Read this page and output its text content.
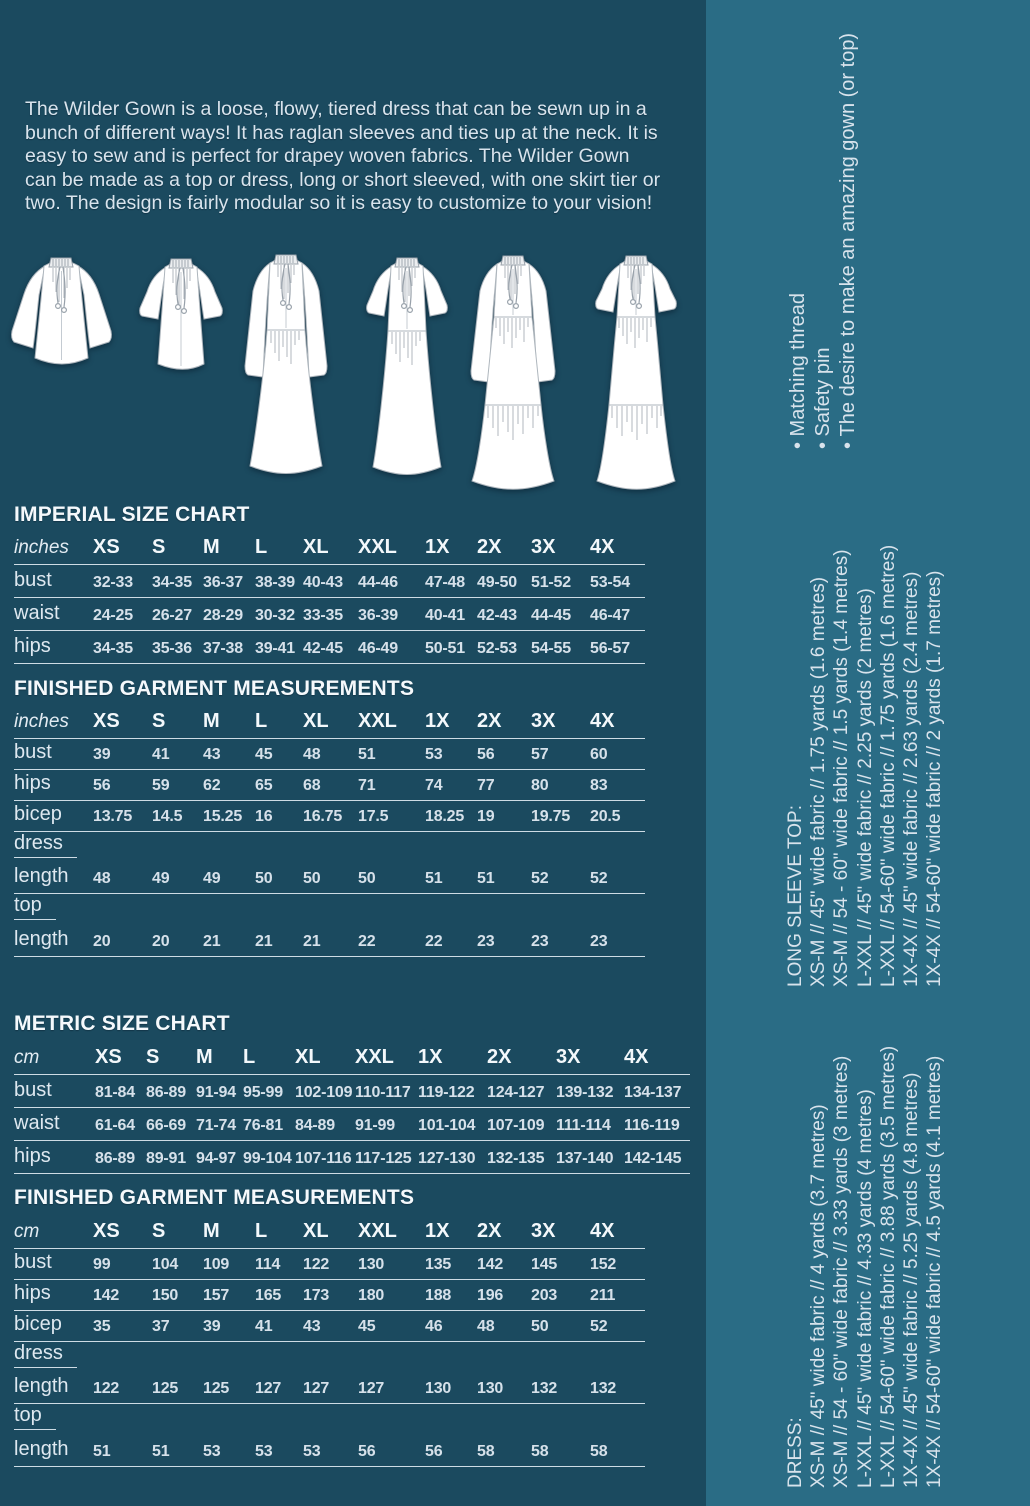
The Wilder Gown is a loose, flowy, tiered dress that can be sewn up in a bunch of different ways! It has raglan sleeves and ties up at the neck. It is easy to sew and is perfect for drapey woven fabrics. The Wilder Gown can be made as a top or dress, long or short sleeved, with one skirt tier or two. The design is fairly modular so it is easy to customize to your vision!
IMPERIAL SIZE CHART
FINISHED GARMENT MEASUREMENTS
METRIC SIZE CHART
FINISHED GARMENT MEASUREMENTS
inches	XS	S	M	L	XL	XXL	1X	2X	3X	4X
bust	32-33	34-35	36-37	38-39	40-43	44-46	47-48	49-50	51-52	53-54
waist	24-25	26-27	28-29	30-32	33-35	36-39	40-41	42-43	44-45	46-47
hips	34-35	35-36	37-38	39-41	42-45	46-49	50-51	52-53	54-55	56-57
inches	XS	S	M	L	XL	XXL	1X	2X	3X	4X
bust	39	41	43	45	48	51	53	56	57	60
hips	56	59	62	65	68	71	74	77	80	83
bicep	13.75	14.5	15.25	16	16.75	17.5	18.25	19	19.75	20.5
dress										
length	48	49	49	50	50	50	51	51	52	52
top										
length	20	20	21	21	21	22	22	23	23	23
cm	XS	S	M	L	XL	XXL	1X	2X	3X	4X
bust	81-84	86-89	91-94	95-99	102-109	110-117	119-122	124-127	139-132	134-137
waist	61-64	66-69	71-74	76-81	84-89	91-99	101-104	107-109	111-114	116-119
hips	86-89	89-91	94-97	99-104	107-116	117-125	127-130	132-135	137-140	142-145
cm	XS	S	M	L	XL	XXL	1X	2X	3X	4X
bust	99	104	109	114	122	130	135	142	145	152
hips	142	150	157	165	173	180	188	196	203	211
bicep	35	37	39	41	43	45	46	48	50	52
dress										
length	122	125	125	127	127	127	130	130	132	132
top										
length	51	51	53	53	53	56	56	58	58	58
• Matching thread • Safety pin • The desire to make an amazing gown (or top)
LONG SLEEVE TOP: XS-M // 45" wide fabric // 1.75 yards (1.6 metres) XS-M // 54 - 60" wide fabric // 1.5 yards (1.4 metres) L-XXL // 45" wide fabric // 2.25 yards (2 metres) L-XXL // 54-60" wide fabric // 1.75 yards (1.6 metres) 1X-4X // 45" wide fabric // 2.63 yards (2.4 metres) 1X-4X // 54-60" wide fabric // 2 yards (1.7 metres)
DRESS: XS-M // 45" wide fabric // 4 yards (3.7 metres) XS-M // 54 - 60" wide fabric // 3.33 yards (3 metres) L-XXL // 45" wide fabric // 4.33 yards (4 metres) L-XXL // 54-60" wide fabric // 3.88 yards (3.5 metres) 1X-4X // 45" wide fabric // 5.25 yards (4.8 metres) 1X-4X // 54-60" wide fabric // 4.5 yards (4.1 metres)
